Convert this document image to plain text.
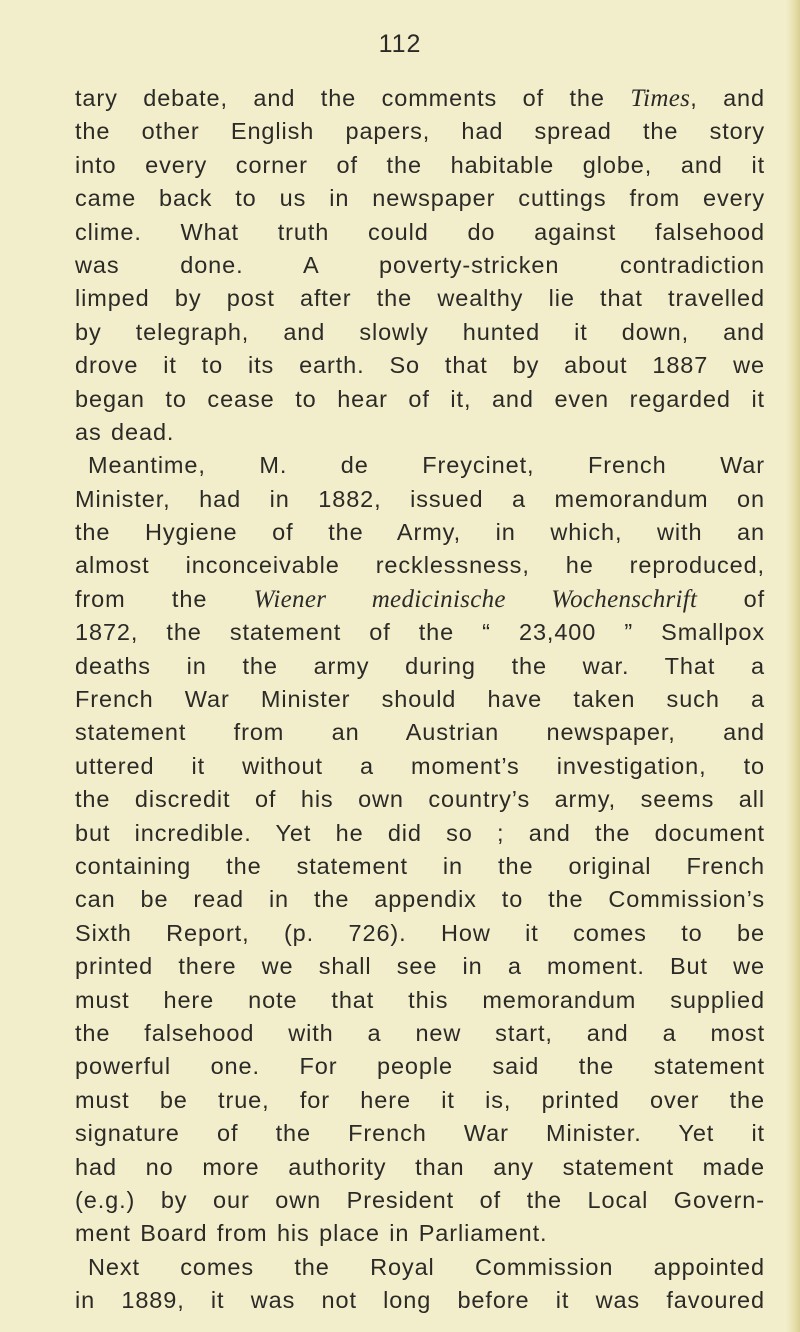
112
tary debate, and the comments of the Times, and
the other English papers, had spread the story
into every corner of the habitable globe, and it
came back to us in newspaper cuttings from every
clime. What truth could do against falsehood
was done. A poverty-stricken contradiction
limped by post after the wealthy lie that travelled
by telegraph, and slowly hunted it down, and
drove it to its earth. So that by about 1887 we
began to cease to hear of it, and even regarded it
as dead.
Meantime, M. de Freycinet, French War
Minister, had in 1882, issued a memorandum on
the Hygiene of the Army, in which, with an
almost inconceivable recklessness, he reproduced,
from the Wiener medicinische Wochenschrift of
1872, the statement of the “ 23,400 ” Smallpox
deaths in the army during the war. That a
French War Minister should have taken such a
statement from an Austrian newspaper, and
uttered it without a moment’s investigation, to
the discredit of his own country’s army, seems all
but incredible. Yet he did so ; and the document
containing the statement in the original French
can be read in the appendix to the Commission’s
Sixth Report, (p. 726). How it comes to be
printed there we shall see in a moment. But we
must here note that this memorandum supplied
the falsehood with a new start, and a most
powerful one. For people said the statement
must be true, for here it is, printed over the
signature of the French War Minister. Yet it
had no more authority than any statement made
(e.g.) by our own President of the Local Govern-
ment Board from his place in Parliament.
Next comes the Royal Commission appointed
in 1889, it was not long before it was favoured
